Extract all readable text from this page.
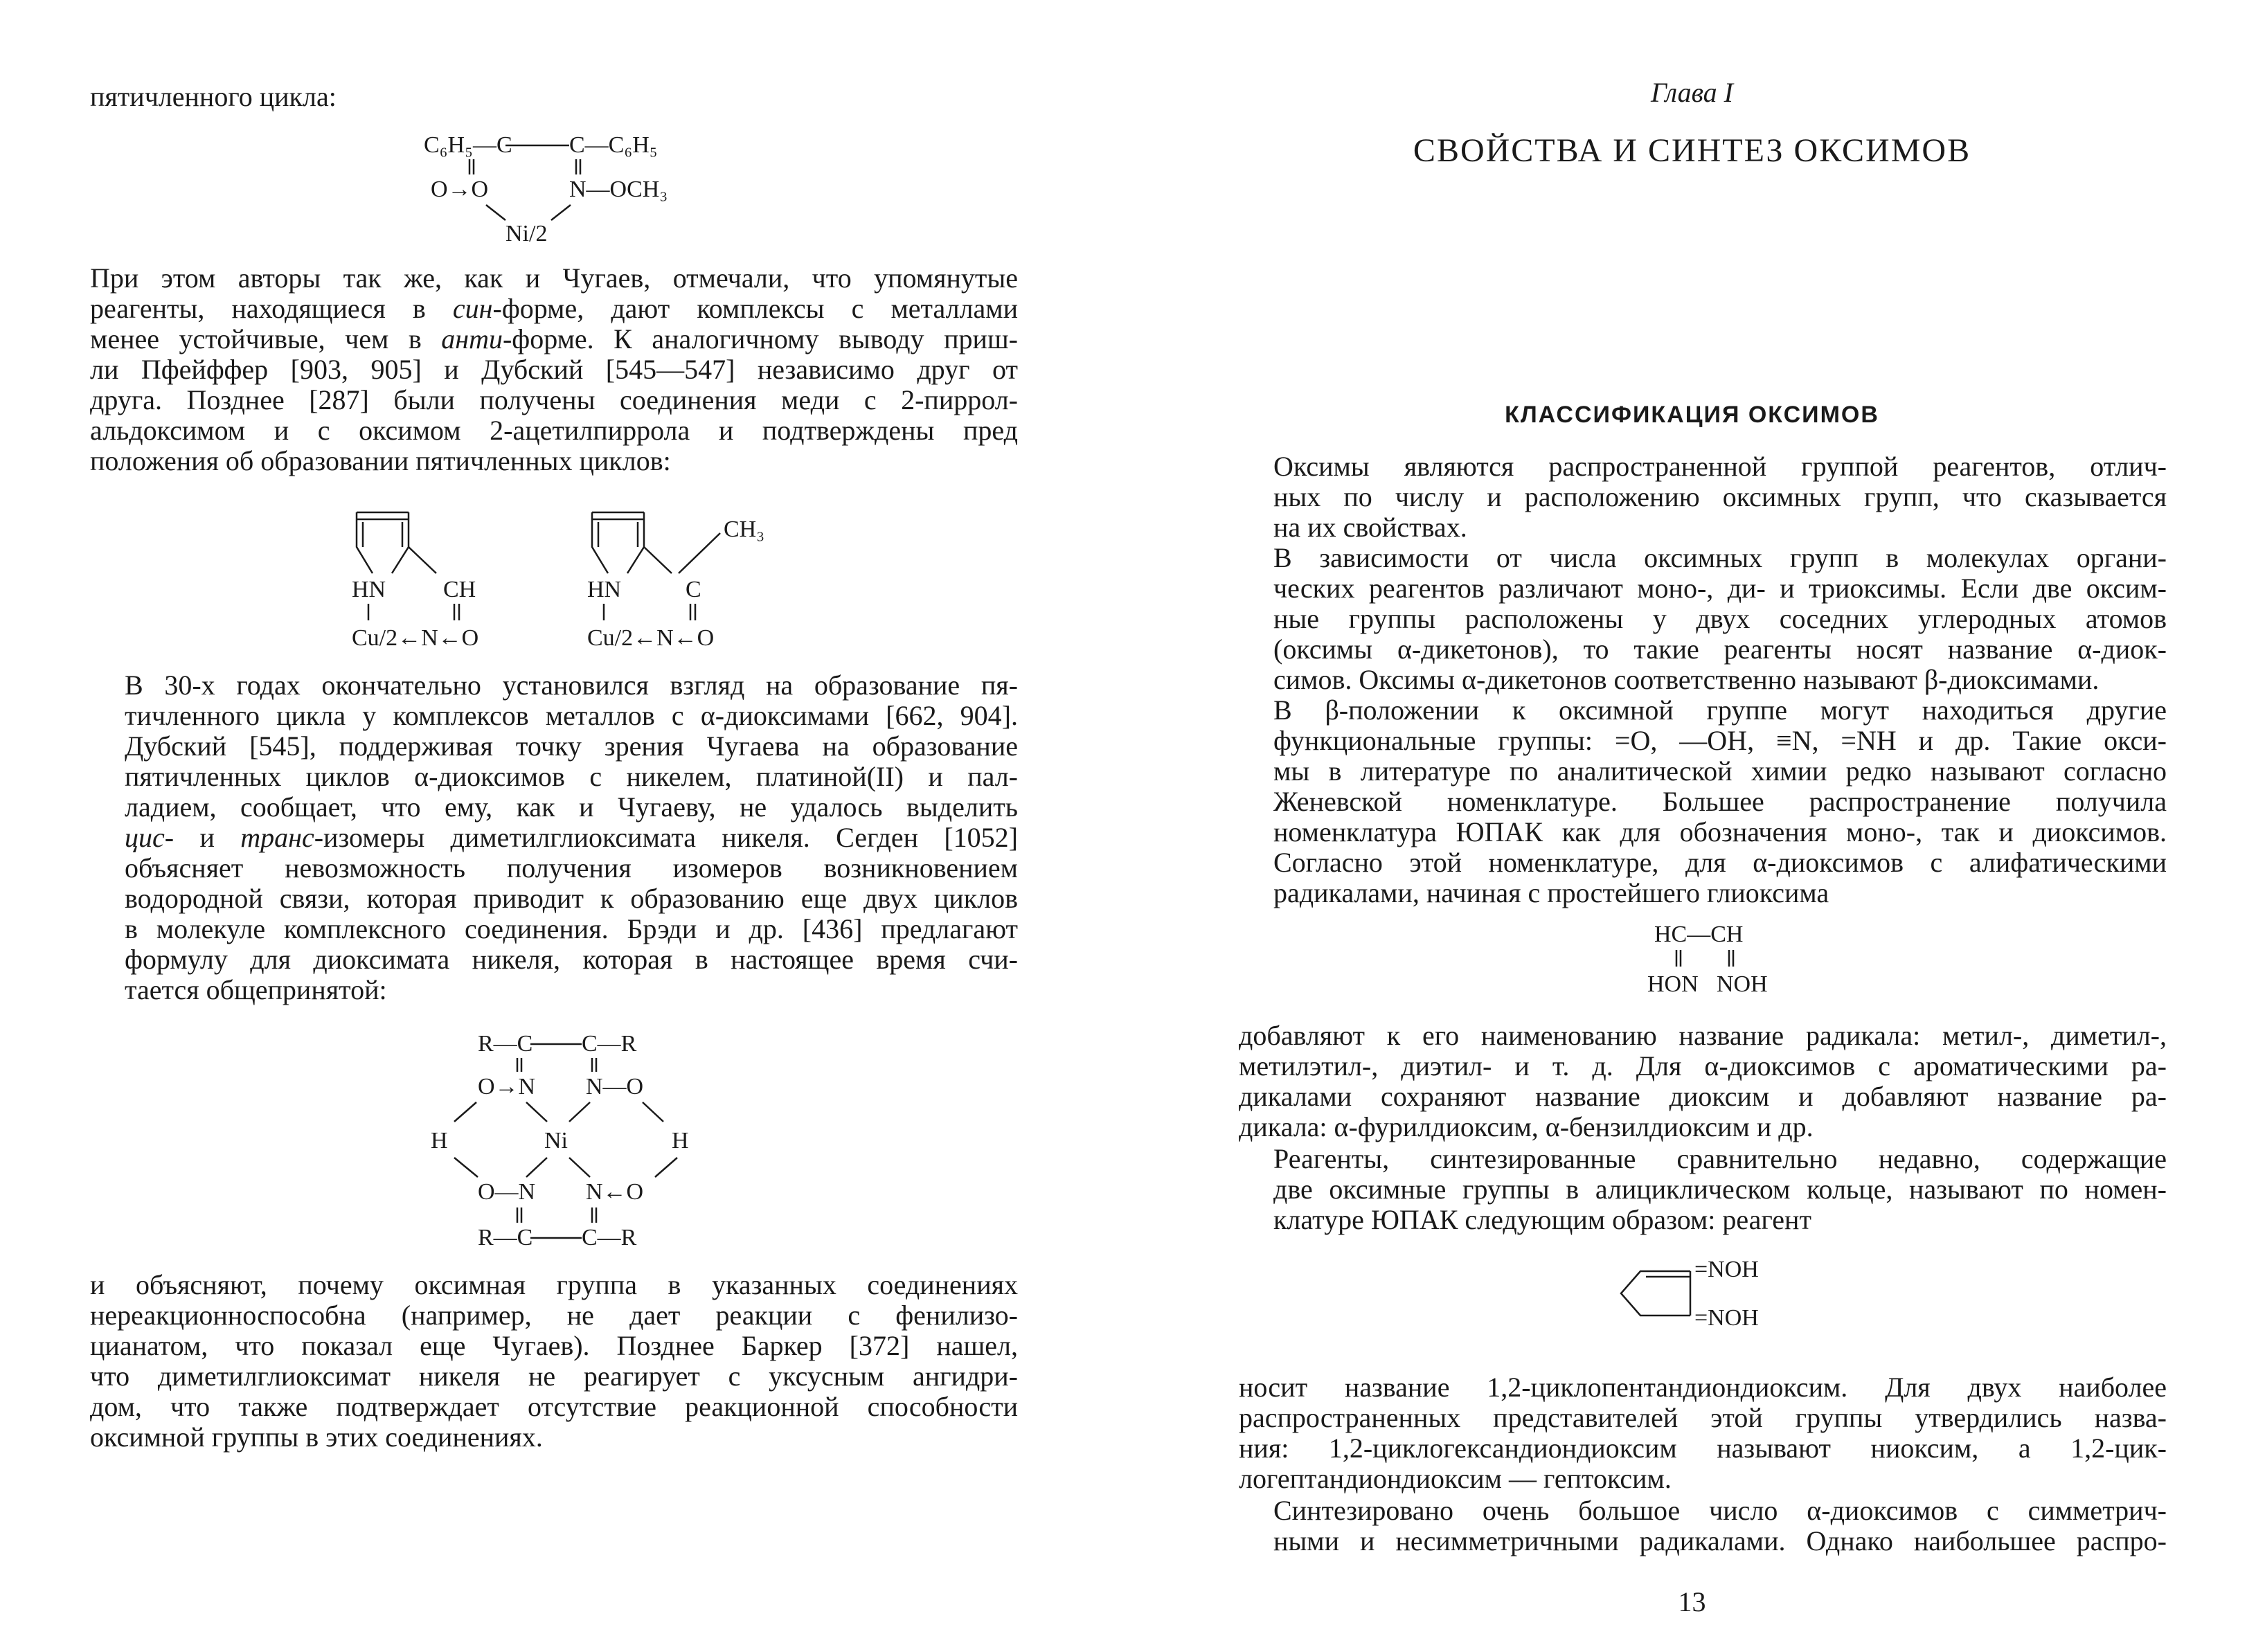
пятичленного цикла:
C₆H₅—C C—C₆H₅
O→O	N—OCH₃
Ni/2
При этом авторы так же, как и Чугаев, отмечали, что упомянутые
реагенты, находящиеся в син-форме, дают комплексы с металлами
менее устойчивые, чем в анти-форме. К аналогичному выводу приш-
ли Пфейффер [903, 905] и Дубский [545—547] независимо друг от
друга. Позднее [287] были получены соединения меди с 2-пиррол-
альдоксимом и с оксимом 2-ацетилпиррола и подтверждены пред
положения об образовании пятичленных циклов:
HN CH
Cu/2←N←O
CH₃
HN	C
Cu/2←N←O
В 30-х годах окончательно установился взгляд на образование пя-
тичленного цикла у комплексов металлов с α-диоксимами [662, 904].
Дубский [545], поддерживая точку зрения Чугаева на образование
пятичленных циклов α-диоксимов с никелем, платиной(II) и пал-
ладием, сообщает, что ему, как и Чугаеву, не удалось выделить
цис- и транс-изомеры диметилглиоксимата никеля. Сегден [1052]
объясняет невозможность получения изомеров возникновением
водородной связи, которая приводит к образованию еще двух циклов
в молекуле комплексного соединения. Брэди и др. [436] предлагают
формулу для диоксимата никеля, которая в настоящее время счи-
тается общепринятой:
R—C C—R
O→N N—O
H	Ni	H
O—N N←O
R—C C—R
и объясняют, почему оксимная группа в указанных соединениях
нереакционноспособна (например, не дает реакции с фенилизо-
цианатом, что показал еще Чугаев). Позднее Баркер [372] нашел,
что диметилглиоксимат никеля не реагирует с уксусным ангидри-
дом, что также подтверждает отсутствие реакционной способности
оксимной группы в этих соединениях.
Глава I
СВОЙСТВА И СИНТЕЗ ОКСИМОВ
КЛАССИФИКАЦИЯ ОКСИМОВ
Оксимы являются распространенной группой реагентов, отлич-
ных по числу и расположению оксимных групп, что сказывается
на их свойствах.
В зависимости от числа оксимных групп в молекулах органи-
ческих реагентов различают моно-, ди- и триоксимы. Если две оксим-
ные группы расположены у двух соседних углеродных атомов
(оксимы α-дикетонов), то такие реагенты носят название α-диок-
симов. Оксимы α-дикетонов соответственно называют β-диоксимами.
В β-положении к оксимной группе могут находиться другие
функциональные группы: =O, —OH, ≡N, =NH и др. Такие окси-
мы в литературе по аналитической химии редко называют согласно
Женевской номенклатуре. Большее распространение получила
номенклатура ЮПАК как для обозначения моно-, так и диоксимов.
Согласно этой номенклатуре, для α-диоксимов с алифатическими
радикалами, начиная с простейшего глиоксима
HC—CH
HON NOH
добавляют к его наименованию название радикала: метил-, диметил-,
метилэтил-, диэтил- и т. д. Для α-диоксимов с ароматическими ра-
дикалами сохраняют название диоксим и добавляют название ра-
дикала: α-фурилдиоксим, α-бензилдиоксим и др.
Реагенты, синтезированные сравнительно недавно, содержащие
две оксимные группы в алициклическом кольце, называют по номен-
клатуре ЮПАК следующим образом: реагент
=NOH
=NOH
носит название 1,2-циклопентандиондиоксим. Для двух наиболее
распространенных представителей этой группы утвердились назва-
ния: 1,2-циклогександиондиоксим называют ниоксим, а 1,2-цик-
логептандиондиоксим — гептоксим.
Синтезировано очень большое число α-диоксимов с симметрич-
ными и несимметричными радикалами. Однако наибольшее распро-
13
